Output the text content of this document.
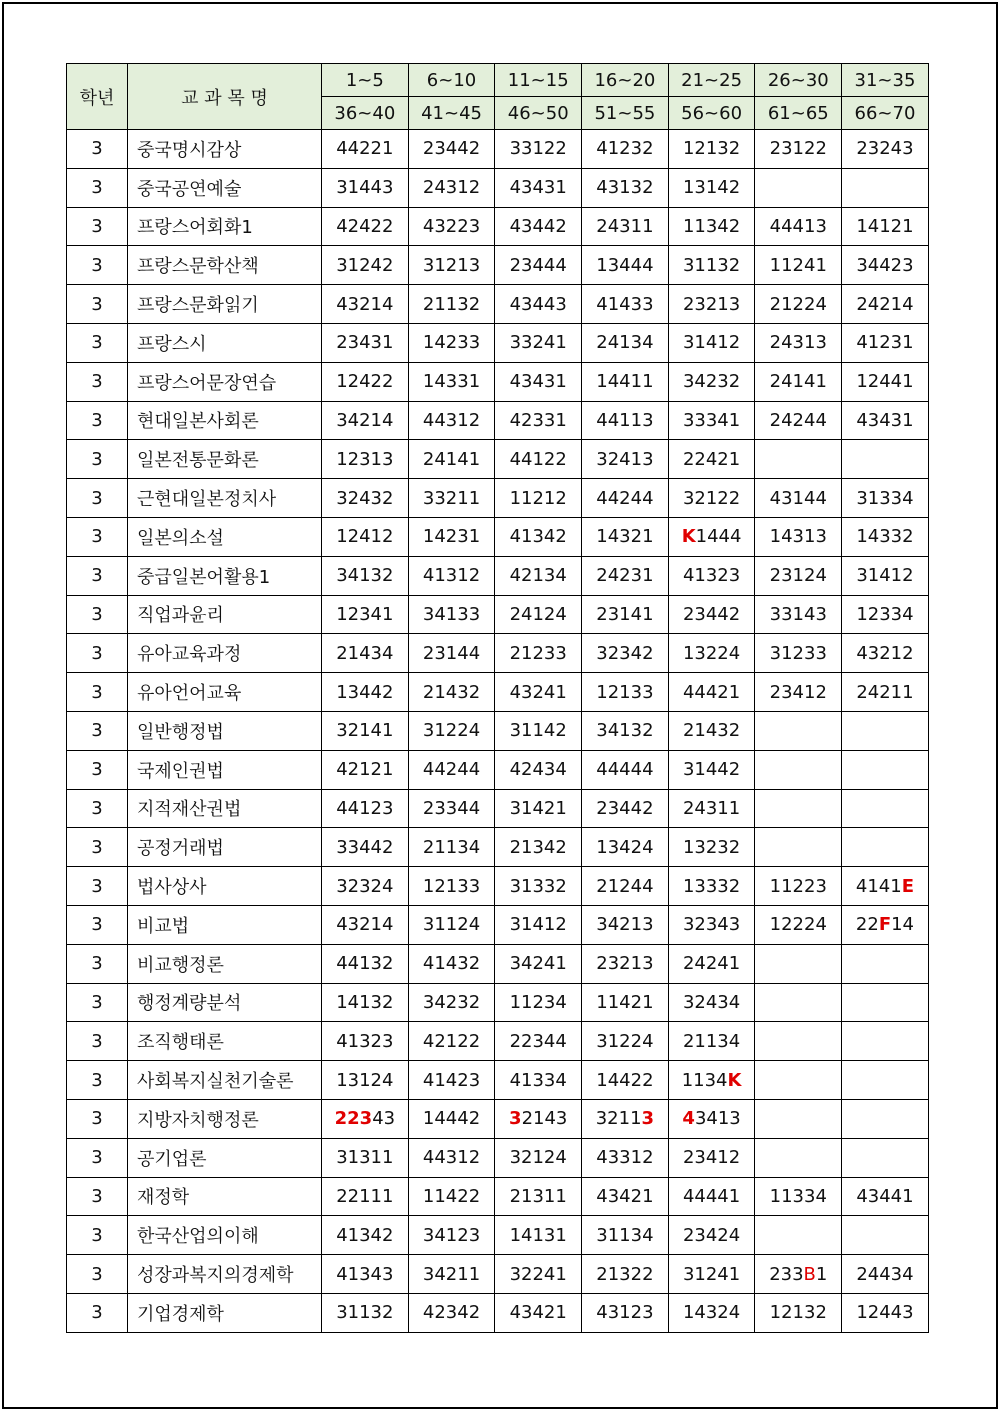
학년	교 과 목 명	1~5	6~10	11~15	16~20	21~25	26~30	31~35
		36~40	41~45	46~50	51~55	56~60	61~65	66~70
3	중국명시감상	44221	23442	33122	41232	12132	23122	23243
3	중국공연예술	31443	24312	43431	43132	13142		
3	프랑스어회화1	42422	43223	43442	24311	11342	44413	14121
3	프랑스문학산책	31242	31213	23444	13444	31132	11241	34423
3	프랑스문화읽기	43214	21132	43443	41433	23213	21224	24214
3	프랑스시	23431	14233	33241	24134	31412	24313	41231
3	프랑스어문장연습	12422	14331	43431	14411	34232	24141	12441
3	현대일본사회론	34214	44312	42331	44113	33341	24244	43431
3	일본전통문화론	12313	24141	44122	32413	22421		
3	근현대일본정치사	32432	33211	11212	44244	32122	43144	31334
3	일본의소설	12412	14231	41342	14321	K1444	14313	14332
3	중급일본어활용1	34132	41312	42134	24231	41323	23124	31412
3	직업과윤리	12341	34133	24124	23141	23442	33143	12334
3	유아교육과정	21434	23144	21233	32342	13224	31233	43212
3	유아언어교육	13442	21432	43241	12133	44421	23412	24211
3	일반행정법	32141	31224	31142	34132	21432		
3	국제인권법	42121	44244	42434	44444	31442		
3	지적재산권법	44123	23344	31421	23442	24311		
3	공정거래법	33442	21134	21342	13424	13232		
3	법사상사	32324	12133	31332	21244	13332	11223	4141E
3	비교법	43214	31124	31412	34213	32343	12224	22F14
3	비교행정론	44132	41432	34241	23213	24241		
3	행정계량분석	14132	34232	11234	11421	32434		
3	조직행태론	41323	42122	22344	31224	21134		
3	사회복지실천기술론	13124	41423	41334	14422	1134K		
3	지방자치행정론	22343	14442	32143	32113	43413		
3	공기업론	31311	44312	32124	43312	23412		
3	재정학	22111	11422	21311	43421	44441	11334	43441
3	한국산업의이해	41342	34123	14131	31134	23424		
3	성장과복지의경제학	41343	34211	32241	21322	31241	233B1	24434
3	기업경제학	31132	42342	43421	43123	14324	12132	12443
